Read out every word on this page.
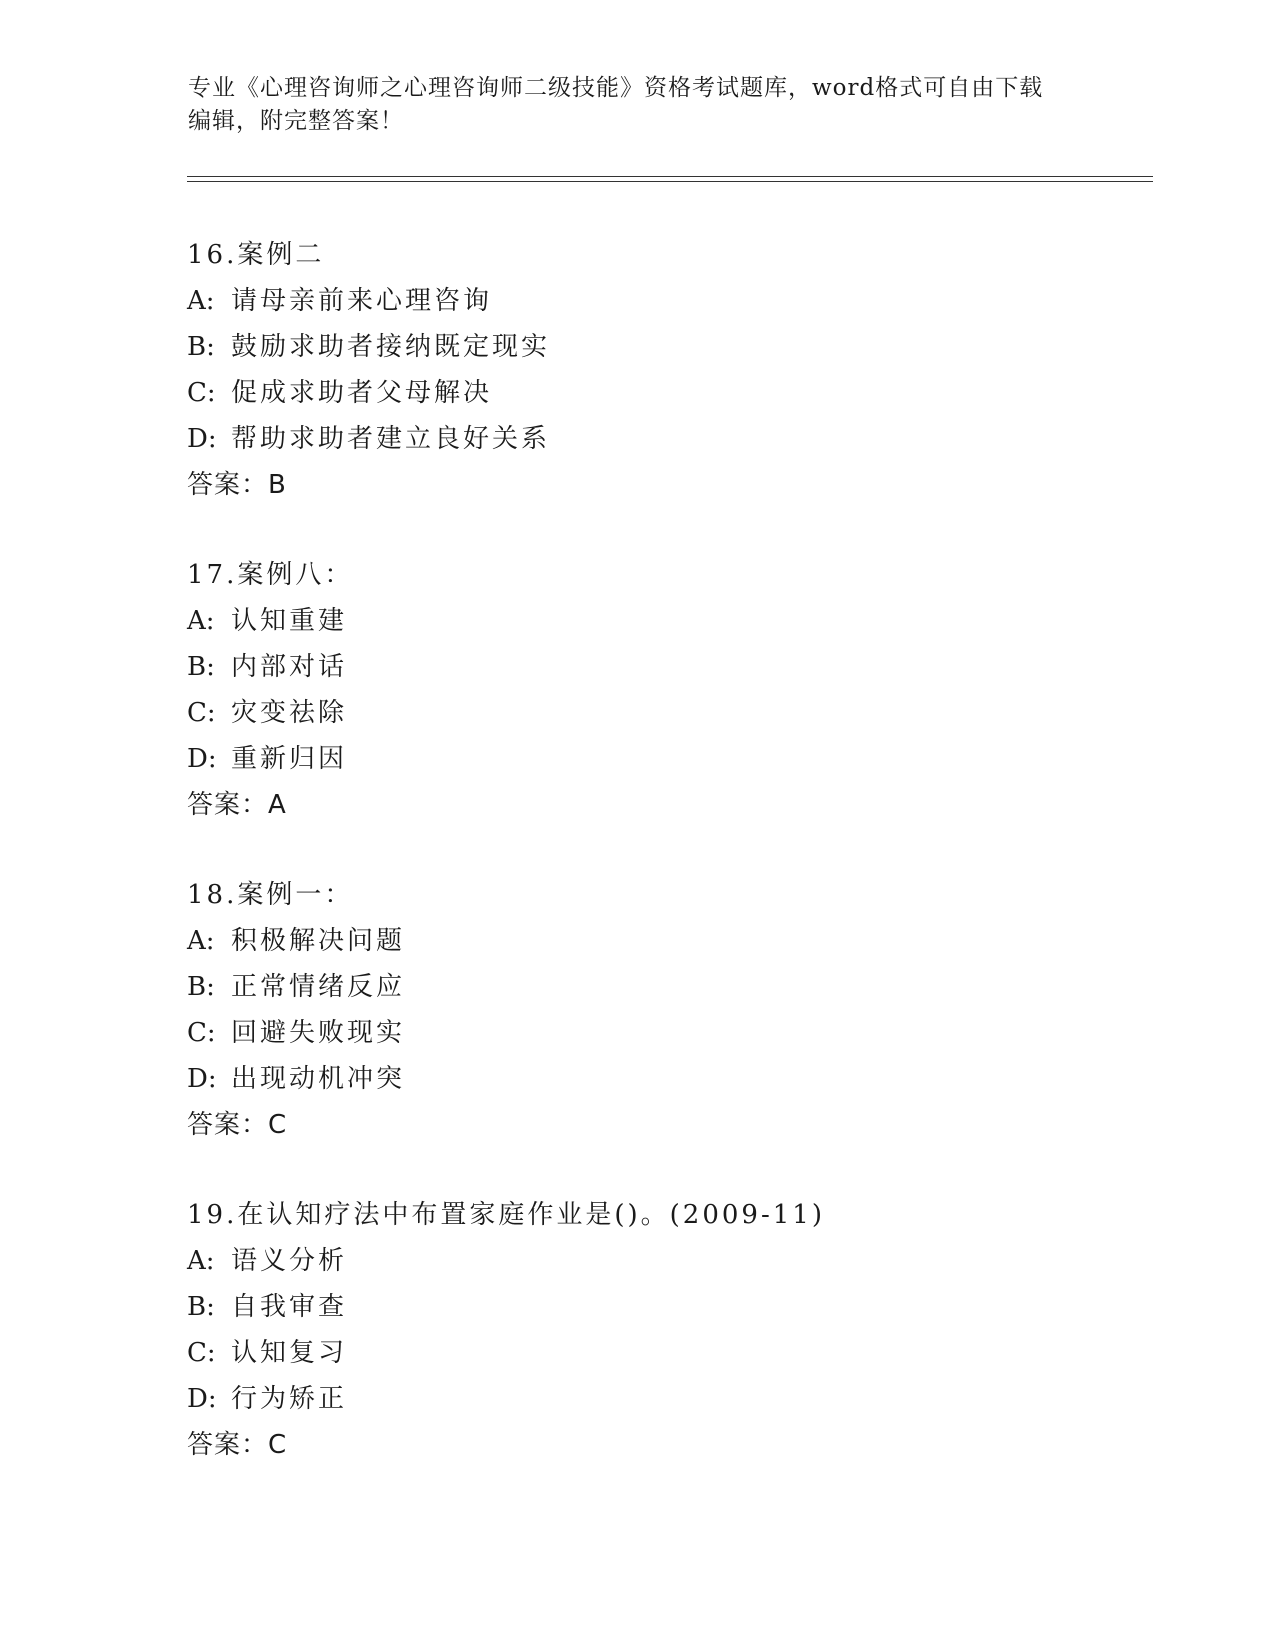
专业《心理咨询师之心理咨询师二级技能》资格考试题库，word格式可自由下载
编辑，附完整答案！
16.案例二
A: 请母亲前来心理咨询
B: 鼓励求助者接纳既定现实
C: 促成求助者父母解决
D: 帮助求助者建立良好关系
答案：B
17.案例八：
A: 认知重建
B: 内部对话
C: 灾变祛除
D: 重新归因
答案：A
18.案例一：
A: 积极解决问题
B: 正常情绪反应
C: 回避失败现实
D: 出现动机冲突
答案：C
19.在认知疗法中布置家庭作业是()。(2009-11)
A: 语义分析
B: 自我审查
C: 认知复习
D: 行为矫正
答案：C
